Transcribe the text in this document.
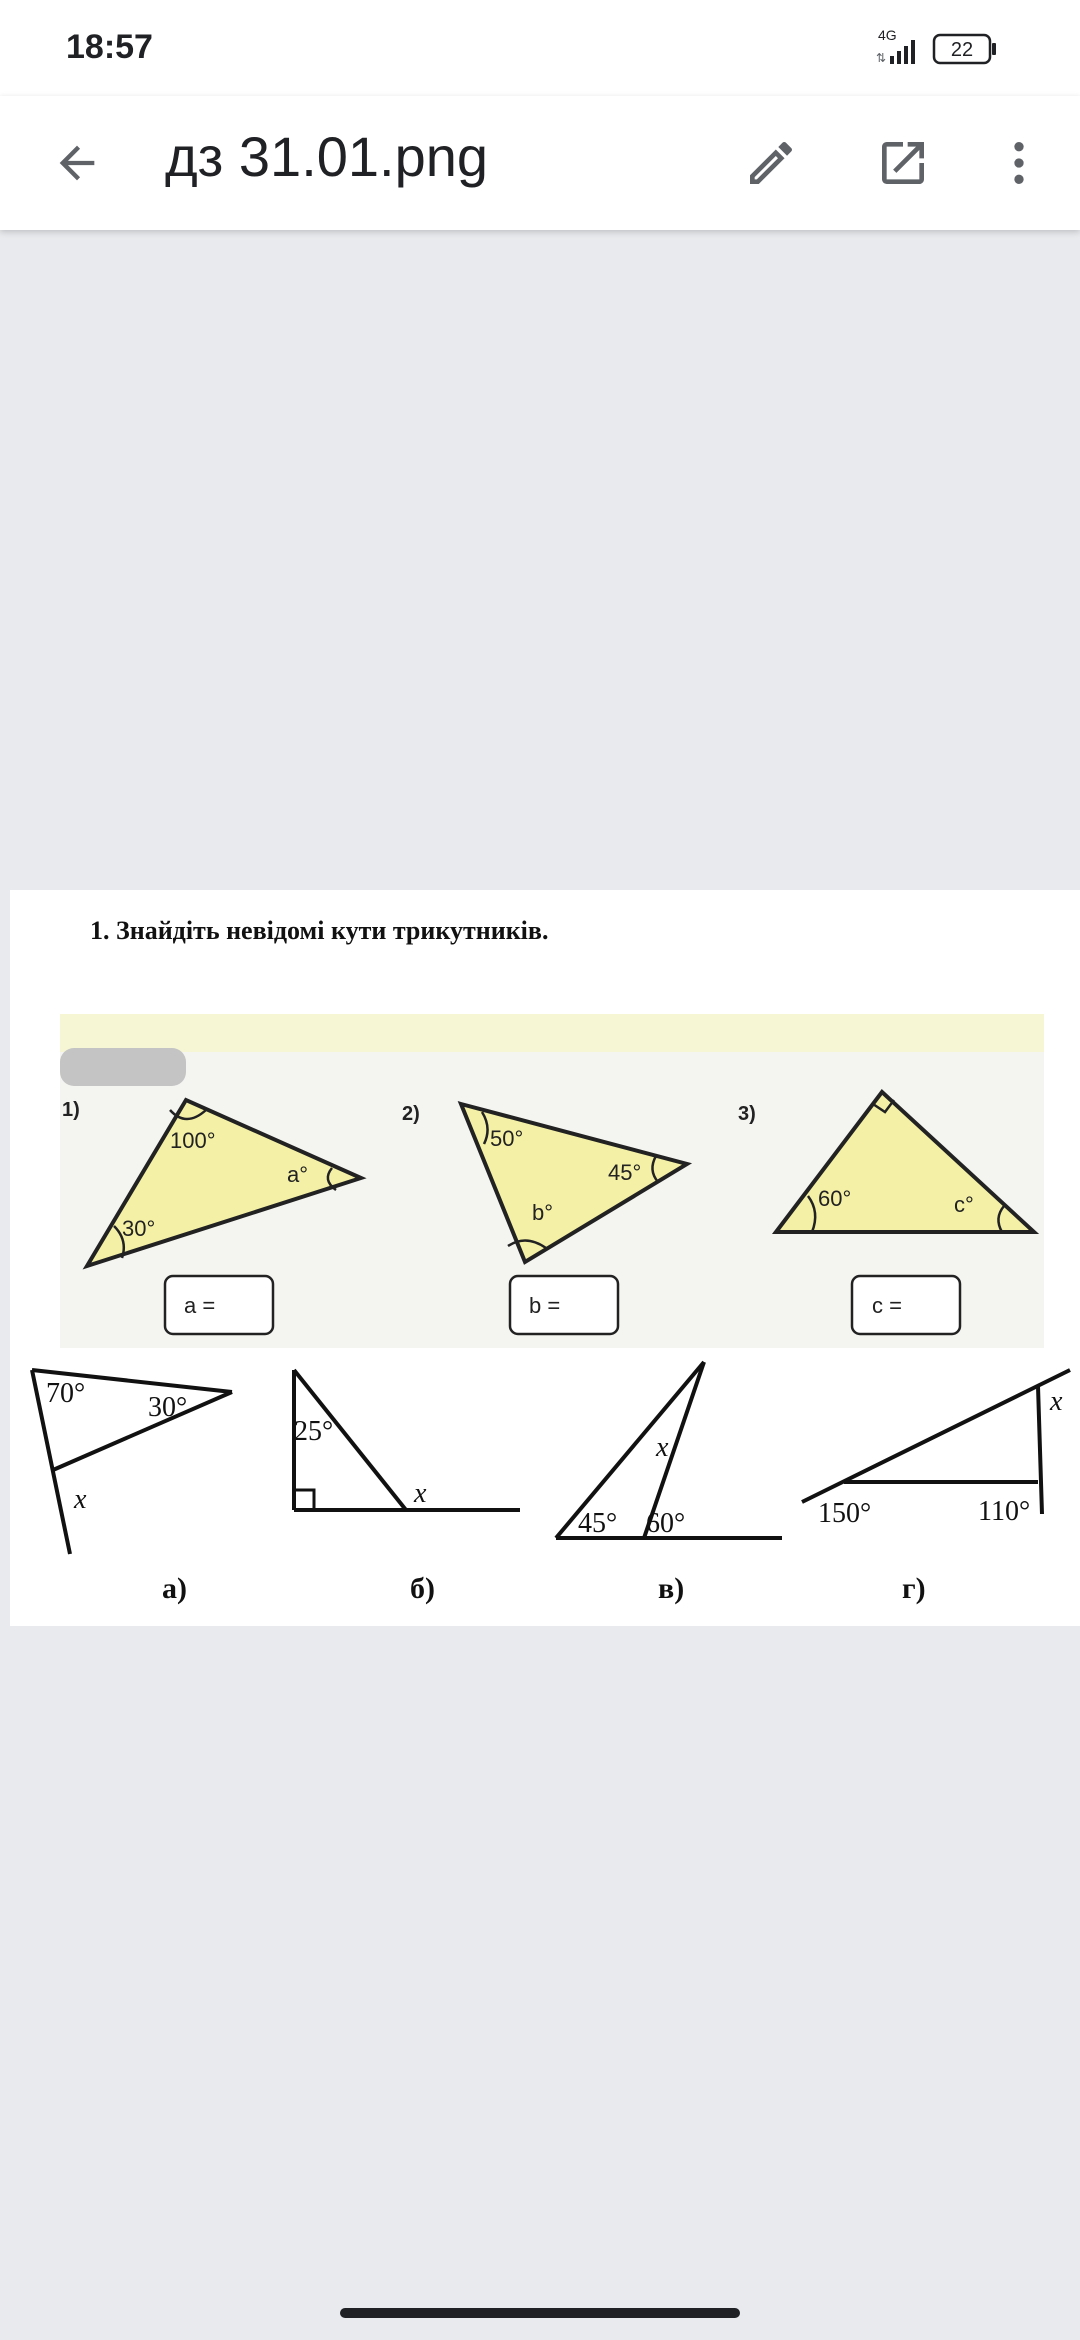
18:57	4G
⇅	22
дз 31.01.png
1. Знайдіть невідомі кути трикутників.
1)
100°
a°
30°
a =
2)
50°
45°
b°
b =
3)
60°	c°
c =
70° 30°
x
а)
25°
x
б)
45° 60°
x
в)
150°	110°
x
г)
